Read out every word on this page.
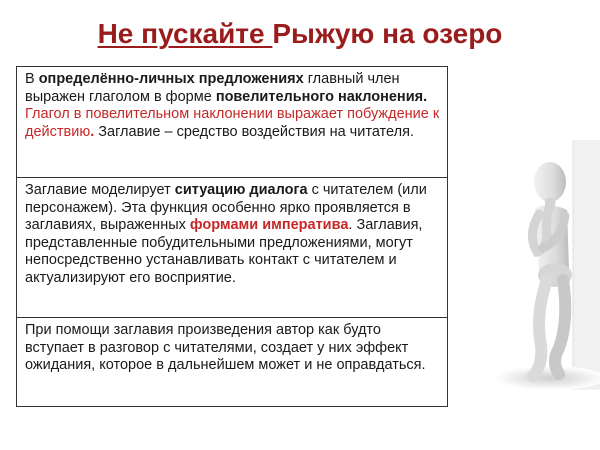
Не пускайте Рыжую на озеро
В определённо-личных предложениях главный член выражен глаголом в форме повелительного наклонения. Глагол в повелительном наклонении выражает побуждение к действию. Заглавие – средство воздействия на читателя.
Заглавие моделирует ситуацию диалога с читателем (или персонажем). Эта функция особенно ярко проявляется в заглавиях, выраженных формами императива. Заглавия, представленные побудительными предложениями, могут непосредственно устанавливать контакт с читателем и актуализируют его восприятие.
При помощи заглавия произведения автор как будто вступает в разговор с читателями, создает у них эффект ожидания, которое в дальнейшем может и не оправдаться.
